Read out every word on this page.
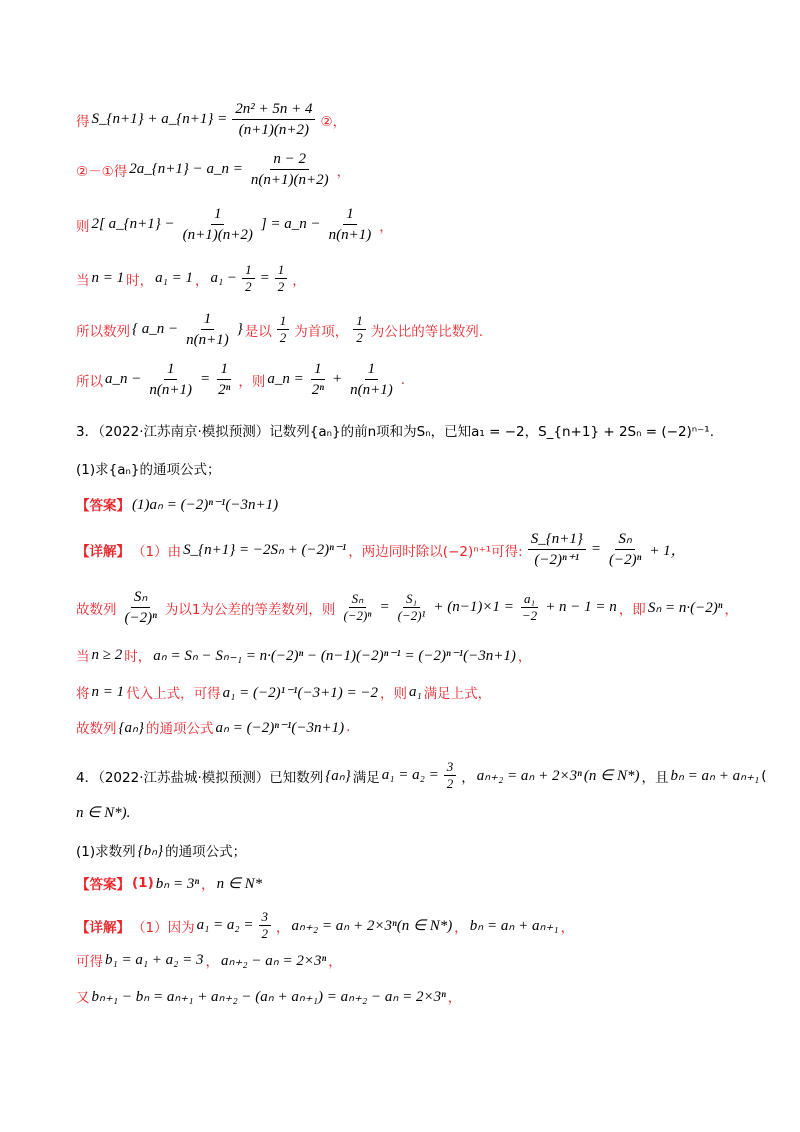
得 S_{n+1} + a_{n+1} = $\frac{\text{2n² + 5n + 4}}{(n+1)(n+2)}$ ②，
②－①得 2a_{n+1} − a_n = $\frac{n - 2}{n(n+1)(n+2)}$ ，
则 2[ a_{n+1} − $\frac{1}{(n+1)(n+2)}$ ] = a_n − $\frac{1}{n(n+1)}$ ，
当 n = 1 时， a₁ = 1 ， $a_1 - \frac{1}{2} = \frac{1}{2}$ ，
所以数列 { a_n − $\frac{1}{n(n+1)}$ } 是以 $\frac{1}{2}$ 为首项， $\frac{1}{2}$ 为公比的等比数列.
所以 a_n − $\frac{1}{n(n+1)} = \frac{1}{\text{2ⁿ}}$ ，则 a_n = $\frac{1}{\text{2ⁿ}} + \frac{1}{n(n+1)}$ .
3．（2022·江苏南京·模拟预测）记数列{aₙ}的前n项和为Sₙ，已知a₁ = −2，S_{n+1} + 2Sₙ = (−2)ⁿ⁻¹.
(1)求{aₙ}的通项公式；
【答案】 (1)aₙ = (−2)ⁿ⁻¹(−3n+1)
【详解】 （1）由 S_{n+1} = −2Sₙ + (−2)ⁿ⁻¹ ，两边同时除以(−2)ⁿ⁺¹可得: $\frac{S\_\{n+1\}}{\text{(−2)ⁿ⁺¹}} = \frac{\text{Sₙ}}{\text{(−2)ⁿ}} + 1$，
故数列 $\frac{\text{Sₙ}}{\text{(−2)ⁿ}}$ 为以1为公差的等差数列，则 $\frac{\text{Sₙ}}{\text{(−2)ⁿ}} = \frac{\text{S₁}}{\text{(−2)¹}} + (n-1)\times 1 = \frac{\text{a₁}}{-2} + n - 1 = n$ ，即 Sₙ = n·(−2)ⁿ ，
当 n ≥ 2 时， aₙ = Sₙ − Sₙ₋₁ = n·(−2)ⁿ − (n−1)(−2)ⁿ⁻¹ = (−2)ⁿ⁻¹(−3n+1) ，
将 n = 1 代入上式，可得 a₁ = (−2)¹⁻¹(−3+1) = −2 ，则 a₁ 满足上式，
故数列 {aₙ} 的通项公式 aₙ = (−2)ⁿ⁻¹(−3n+1) .
4．（2022·江苏盐城·模拟预测）已知数列 {aₙ} 满足 $a_1 = a_2 = \frac{3}{2}$ ， aₙ₊₂ = aₙ + 2×3ⁿ (n ∈ N*) ，且 bₙ = aₙ + aₙ₊₁ (
n ∈ N*).
(1)求数列 {bₙ} 的通项公式；
【答案】 (1) bₙ = 3ⁿ ， n ∈ N*
【详解】 （1）因为 $a_1 = a_2 = \frac{3}{2}$ ， aₙ₊₂ = aₙ + 2×3ⁿ(n ∈ N*) ， bₙ = aₙ + aₙ₊₁ ，
可得 b₁ = a₁ + a₂ = 3 ， aₙ₊₂ − aₙ = 2×3ⁿ ，
又 bₙ₊₁ − bₙ = aₙ₊₁ + aₙ₊₂ − (aₙ + aₙ₊₁) = aₙ₊₂ − aₙ = 2×3ⁿ ，
